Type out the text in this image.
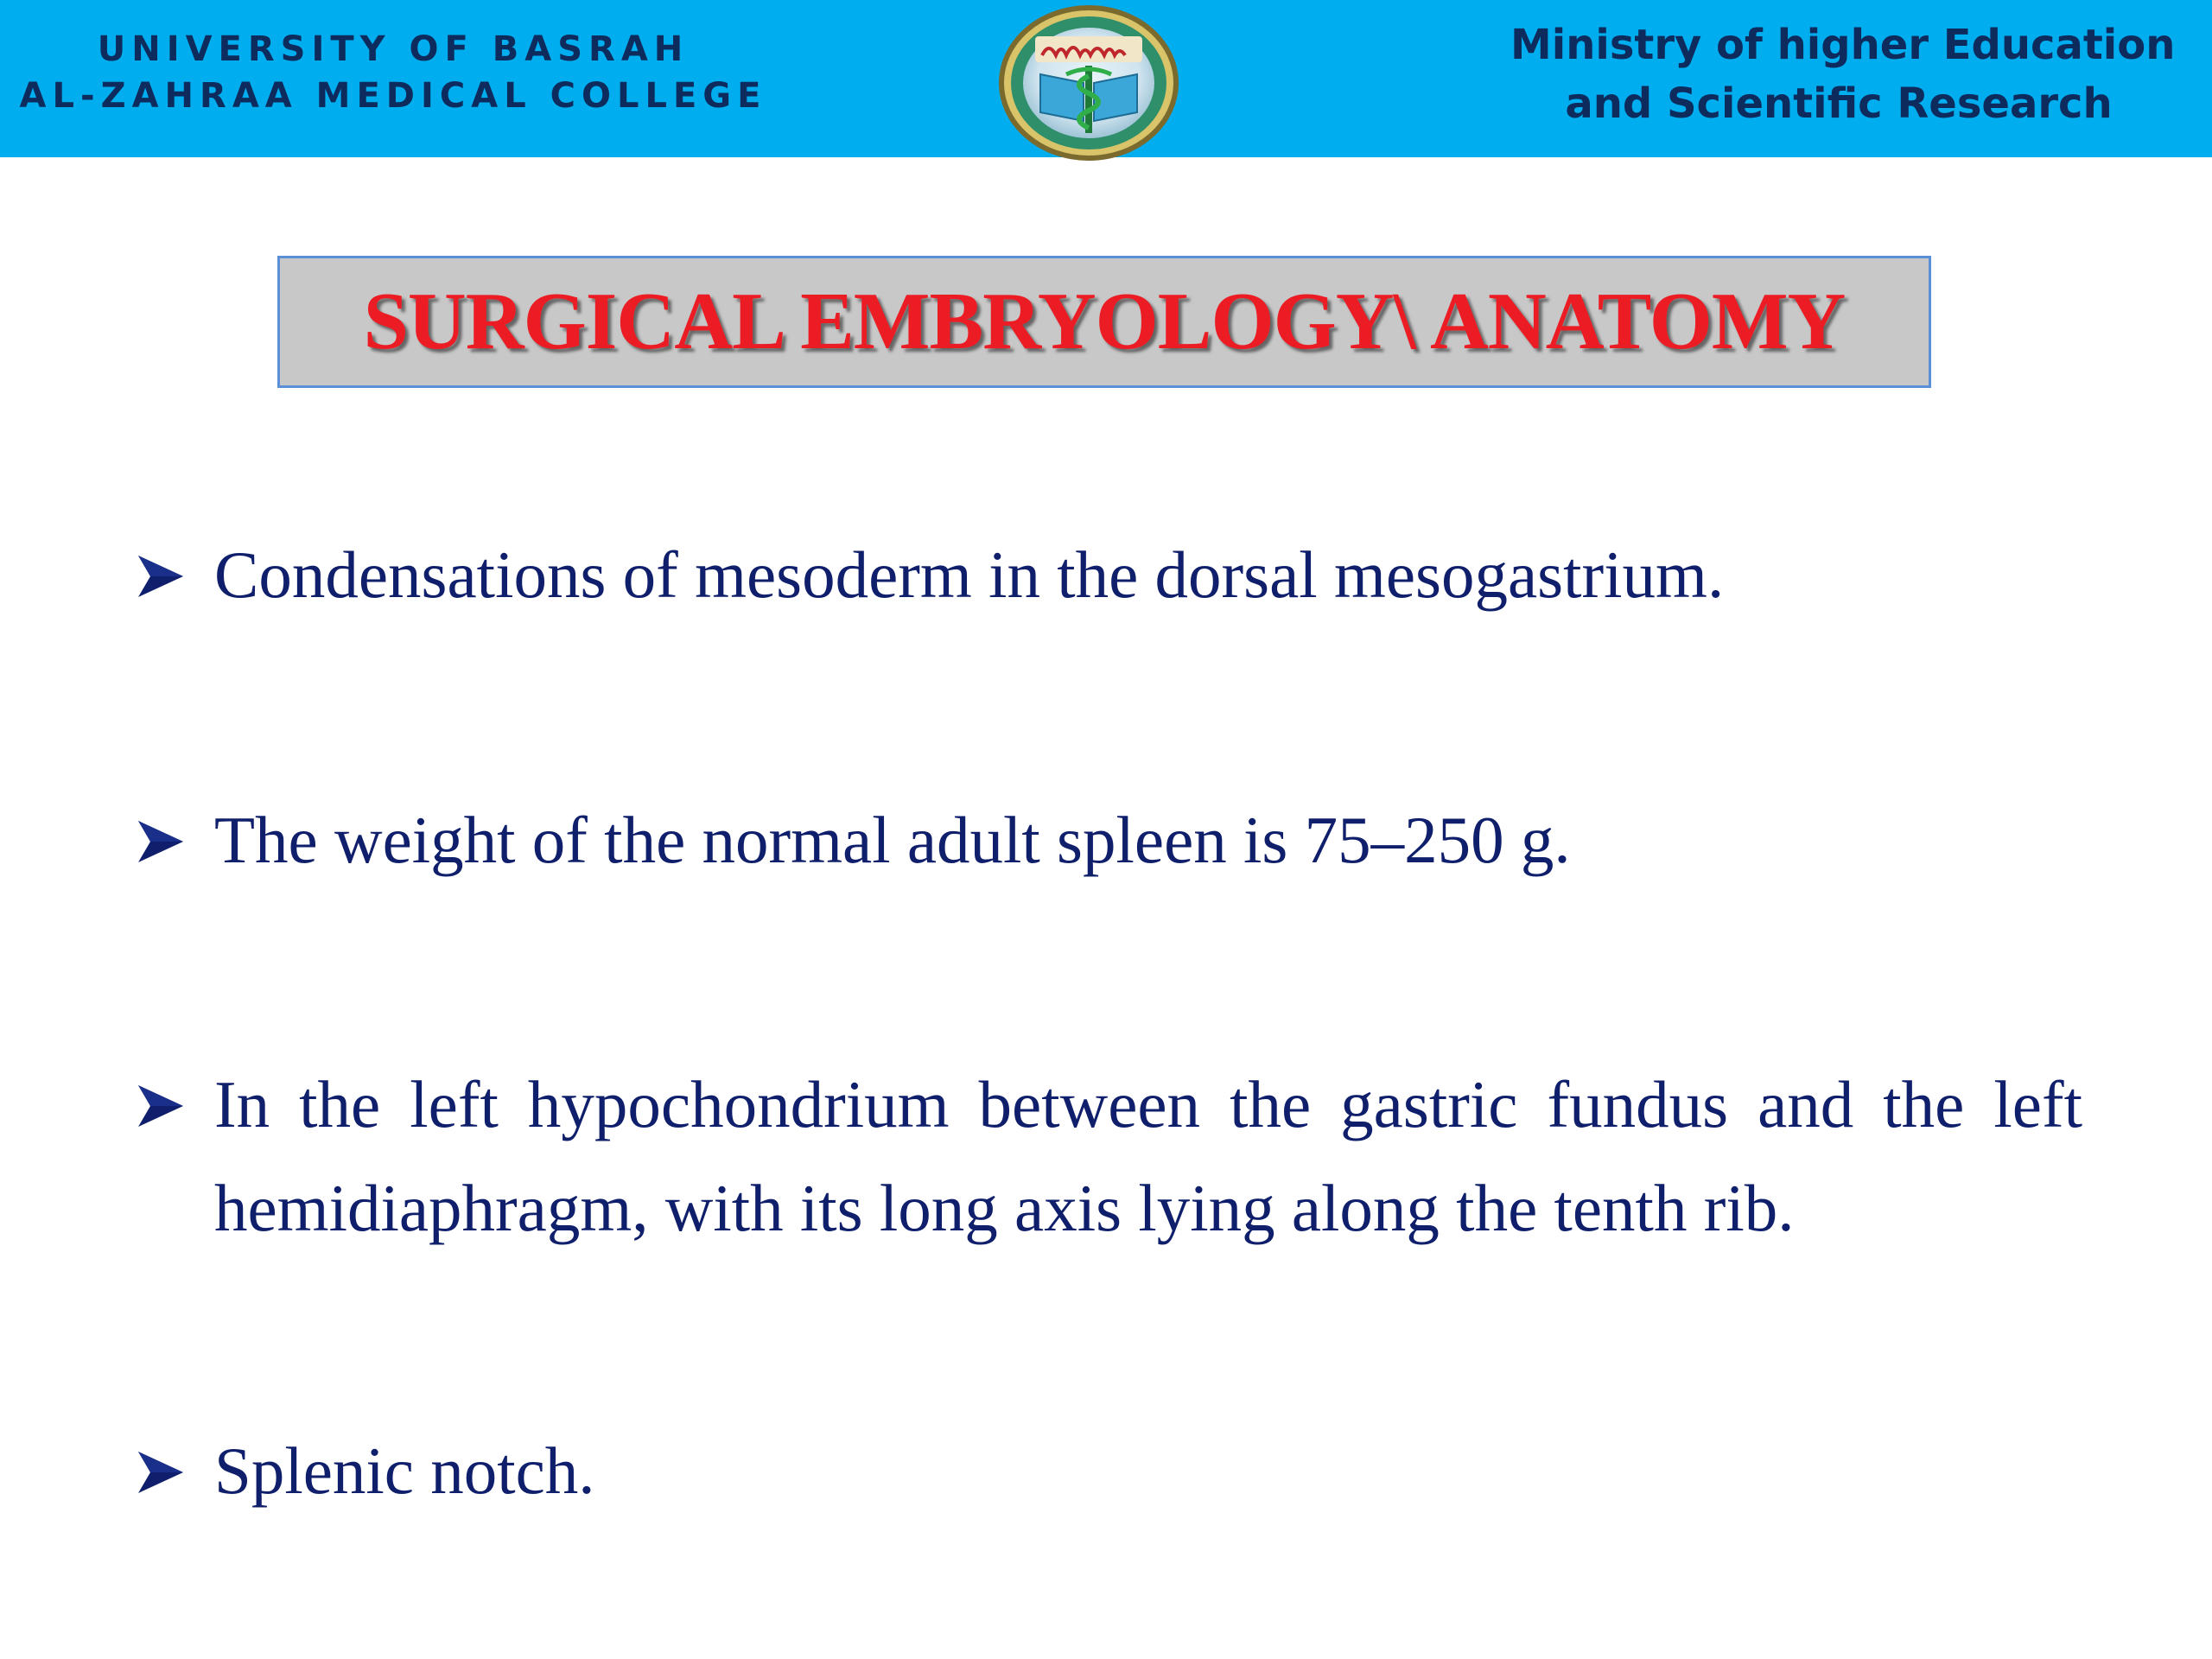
UNIVERSITY OF BASRAH
AL-ZAHRAA MEDICAL COLLEGE
Ministry of higher Education
and Scientific Research
SURGICAL EMBRYOLOGY\ ANATOMY
Condensations of mesoderm in the dorsal mesogastrium.
The weight of the normal adult spleen is 75–250 g.
In the left hypochondrium between the gastric fundus and the left hemidiaphragm, with its long axis lying along the tenth rib.
Splenic notch.
